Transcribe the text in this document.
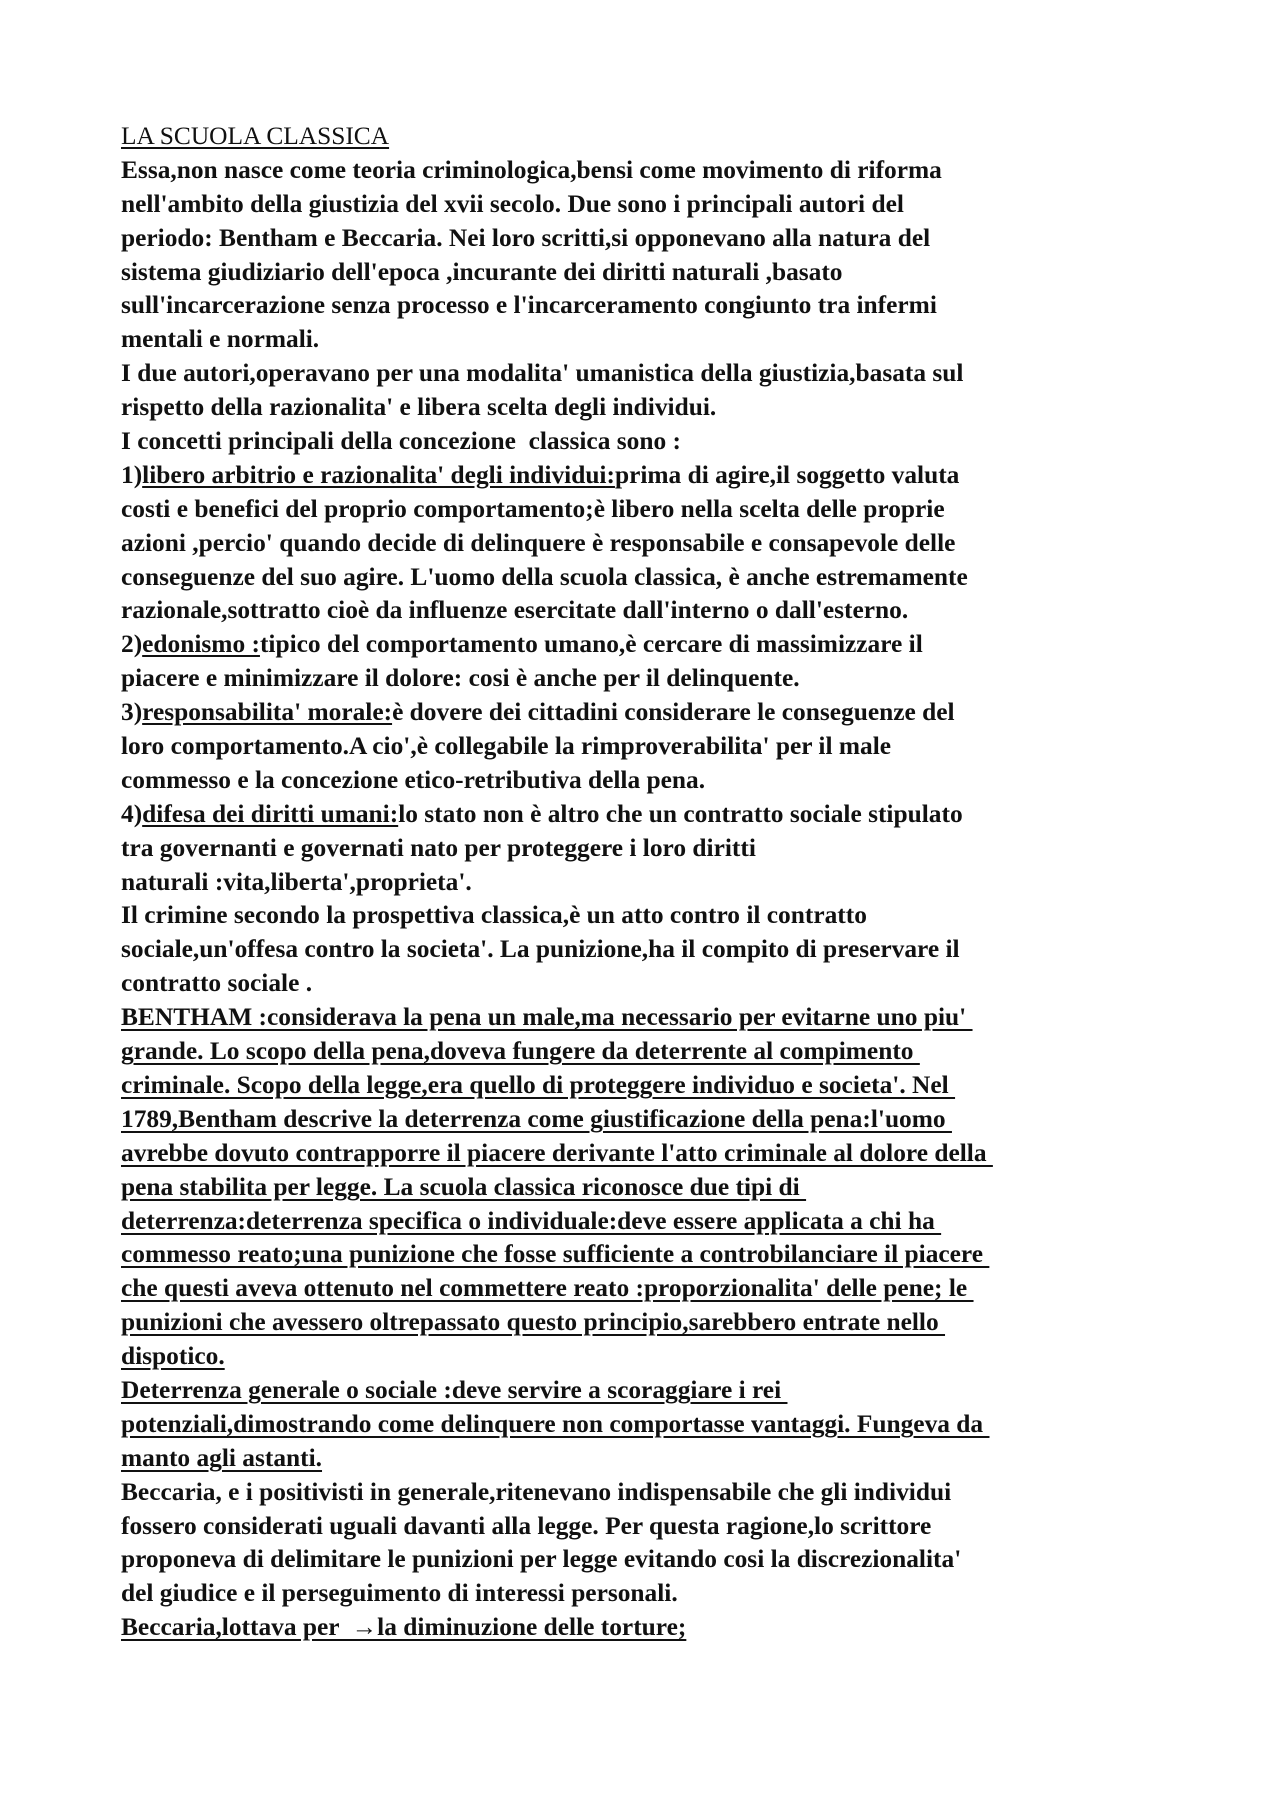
LA SCUOLA CLASSICA
Essa,non nasce come teoria criminologica,bensi come movimento di riforma
nell'ambito della giustizia del xvii secolo. Due sono i principali autori del
periodo: Bentham e Beccaria. Nei loro scritti,si opponevano alla natura del
sistema giudiziario dell'epoca ,incurante dei diritti naturali ,basato
sull'incarcerazione senza processo e l'incarceramento congiunto tra infermi
mentali e normali.
I due autori,operavano per una modalita' umanistica della giustizia,basata sul
rispetto della razionalita' e libera scelta degli individui.
I concetti principali della concezione  classica sono :
1)libero arbitrio e razionalita' degli individui:prima di agire,il soggetto valuta
costi e benefici del proprio comportamento;è libero nella scelta delle proprie
azioni ,percio' quando decide di delinquere è responsabile e consapevole delle
conseguenze del suo agire. L'uomo della scuola classica, è anche estremamente
razionale,sottratto cioè da influenze esercitate dall'interno o dall'esterno.
2)edonismo :tipico del comportamento umano,è cercare di massimizzare il
piacere e minimizzare il dolore: cosi è anche per il delinquente.
3)responsabilita' morale:è dovere dei cittadini considerare le conseguenze del
loro comportamento.A cio',è collegabile la rimproverabilita' per il male
commesso e la concezione etico-retributiva della pena.
4)difesa dei diritti umani:lo stato non è altro che un contratto sociale stipulato
tra governanti e governati nato per proteggere i loro diritti
naturali :vita,liberta',proprieta'.
Il crimine secondo la prospettiva classica,è un atto contro il contratto
sociale,un'offesa contro la societa'. La punizione,ha il compito di preservare il
contratto sociale .
BENTHAM :considerava la pena un male,ma necessario per evitarne uno piu'
grande. Lo scopo della pena,doveva fungere da deterrente al compimento
criminale. Scopo della legge,era quello di proteggere individuo e societa'. Nel
1789,Bentham descrive la deterrenza come giustificazione della pena:l'uomo
avrebbe dovuto contrapporre il piacere derivante l'atto criminale al dolore della
pena stabilita per legge. La scuola classica riconosce due tipi di
deterrenza:deterrenza specifica o individuale:deve essere applicata a chi ha
commesso reato;una punizione che fosse sufficiente a controbilanciare il piacere
che questi aveva ottenuto nel commettere reato :proporzionalita' delle pene; le
punizioni che avessero oltrepassato questo principio,sarebbero entrate nello
dispotico.
Deterrenza generale o sociale :deve servire a scoraggiare i rei
potenziali,dimostrando come delinquere non comportasse vantaggi. Fungeva da
manto agli astanti.
Beccaria, e i positivisti in generale,ritenevano indispensabile che gli individui
fossero considerati uguali davanti alla legge. Per questa ragione,lo scrittore
proponeva di delimitare le punizioni per legge evitando cosi la discrezionalita'
del giudice e il perseguimento di interessi personali.
Beccaria,lottava per  →la diminuzione delle torture;
